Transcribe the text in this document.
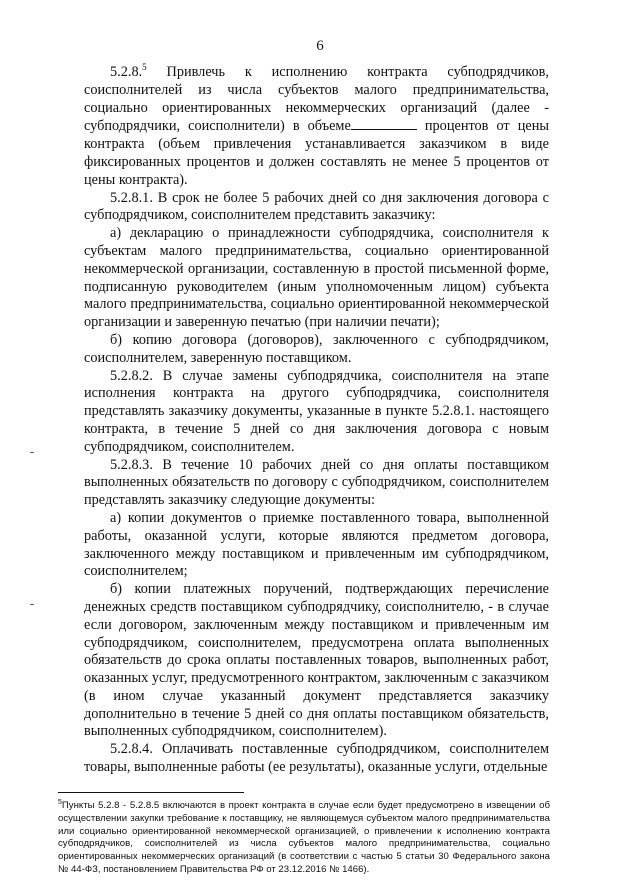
6

5.2.8.$^5$ Привлечь к исполнению контракта субподрядчиков, соисполнителей из числа субъектов малого предпринимательства, социально ориентированных некоммерческих организаций (далее - субподрядчики, соисполнители) в объеме	процентов от цены контракта (объем привлечения устанавливается заказчиком в виде фиксированных процентов и должен составлять не менее 5 процентов от цены контракта).

5.2.8.1. В срок не более 5 рабочих дней со дня заключения договора с субподрядчиком, соисполнителем представить заказчику:

а) декларацию о принадлежности субподрядчика, соисполнителя к субъектам малого предпринимательства, социально ориентированной некоммерческой организации, составленную в простой письменной форме, подписанную руководителем (иным уполномоченным лицом) субъекта малого предпринимательства, социально ориентированной некоммерческой организации и заверенную печатью (при наличии печати);

б) копию договора (договоров), заключенного с субподрядчиком, соисполнителем, заверенную поставщиком.

5.2.8.2. В случае замены субподрядчика, соисполнителя на этапе исполнения контракта на другого субподрядчика, соисполнителя представлять заказчику документы, указанные в пункте 5.2.8.1. настоящего контракта, в течение 5 дней со дня заключения договора с новым субподрядчиком, соисполнителем.

5.2.8.3. В течение 10 рабочих дней со дня оплаты поставщиком выполненных обязательств по договору с субподрядчиком, соисполнителем представлять заказчику следующие документы:

а) копии документов о приемке поставленного товара, выполненной работы, оказанной услуги, которые являются предметом договора, заключенного между поставщиком и привлеченным им субподрядчиком, соисполнителем;

б) копии платежных поручений, подтверждающих перечисление денежных средств поставщиком субподрядчику, соисполнителю, - в случае если договором, заключенным между поставщиком и привлеченным им субподрядчиком, соисполнителем, предусмотрена оплата выполненных обязательств до срока оплаты поставленных товаров, выполненных работ, оказанных услуг, предусмотренного контрактом, заключенным с заказчиком (в ином случае указанный документ представляется заказчику дополнительно в течение 5 дней со дня оплаты поставщиком обязательств, выполненных субподрядчиком, соисполнителем).

5.2.8.4. Оплачивать поставленные субподрядчиком, соисполнителем товары, выполненные работы (ее результаты), оказанные услуги, отдельные

$^5$Пункты 5.2.8 - 5.2.8.5 включаются в проект контракта в случае если будет предусмотрено в извещении об осуществлении закупки требование к поставщику, не являющемуся субъектом малого предпринимательства или социально ориентированной некоммерческой организацией, о привлечении к исполнению контракта субподрядчиков, соисполнителей из числа субъектов малого предпринимательства, социально ориентированных некоммерческих организаций (в соответствии с частью 5 статьи 30 Федерального закона № 44-ФЗ, постановлением Правительства РФ от 23.12.2016 № 1466).
